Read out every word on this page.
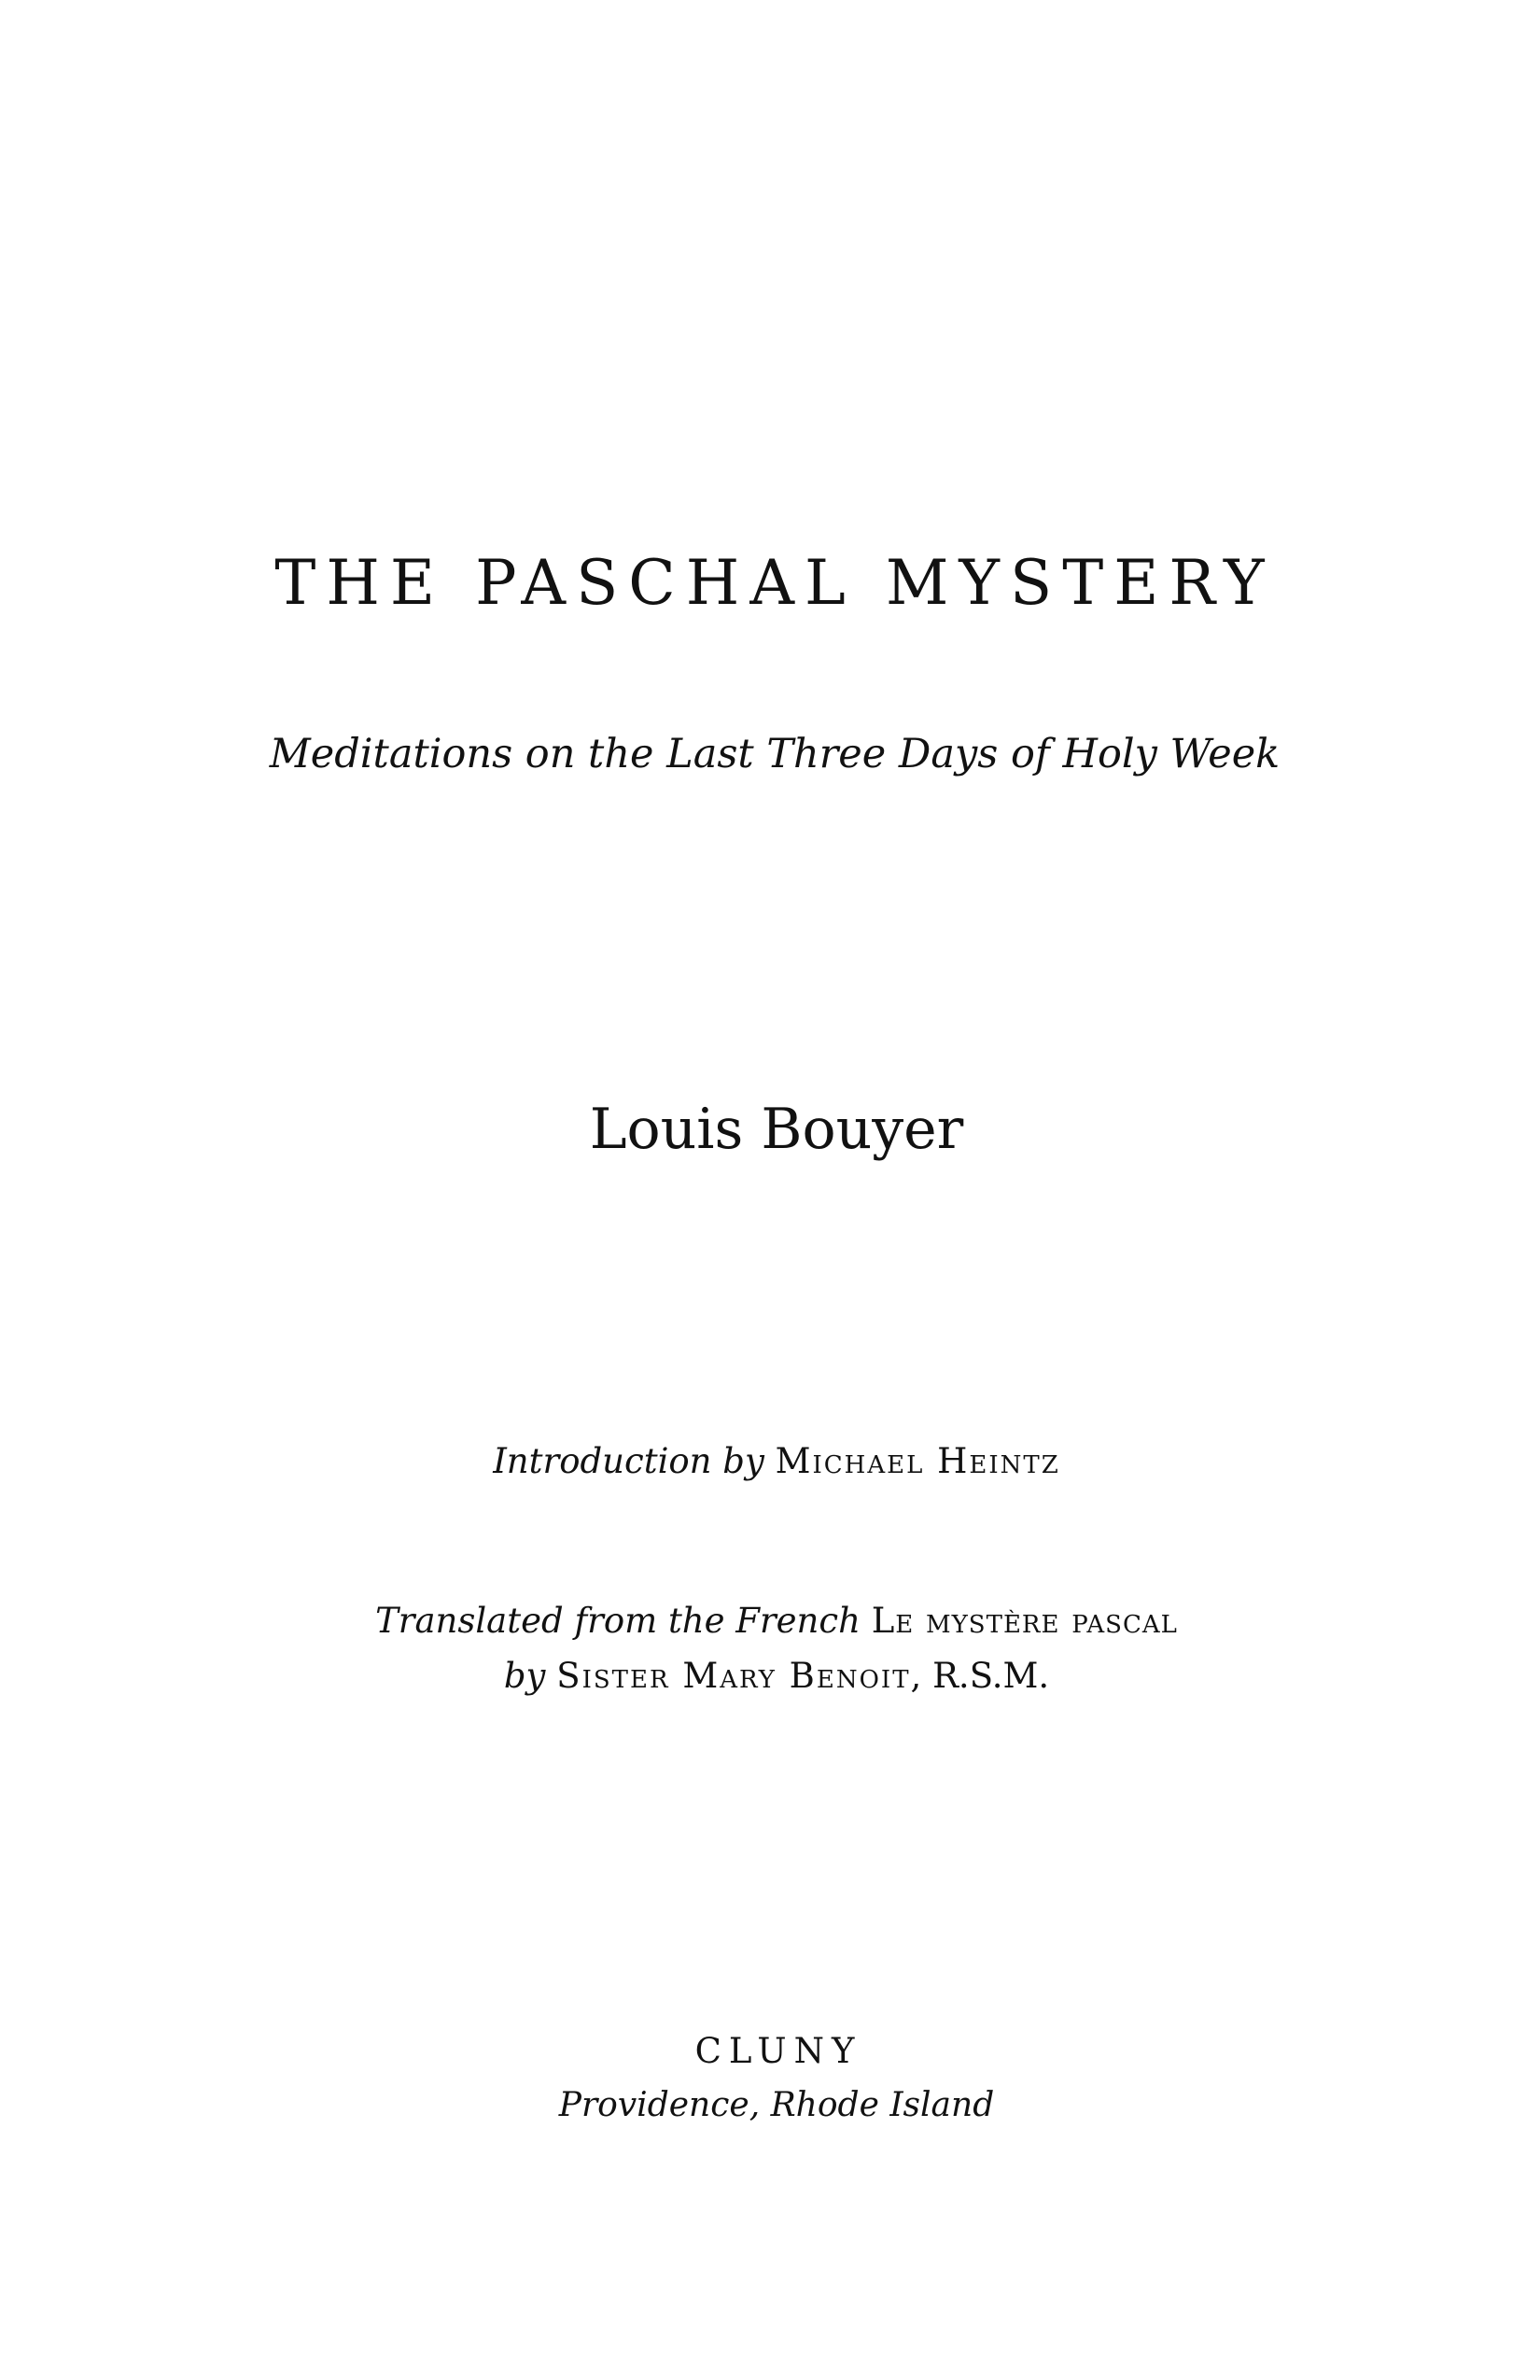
THE PASCHAL MYSTERY
Meditations on the Last Three Days of Holy Week
Louis Bouyer
Introduction by Michael Heintz
Translated from the French Le mystère pascal
by Sister Mary Benoit, R.S.M.
CLUNY
Providence, Rhode Island
